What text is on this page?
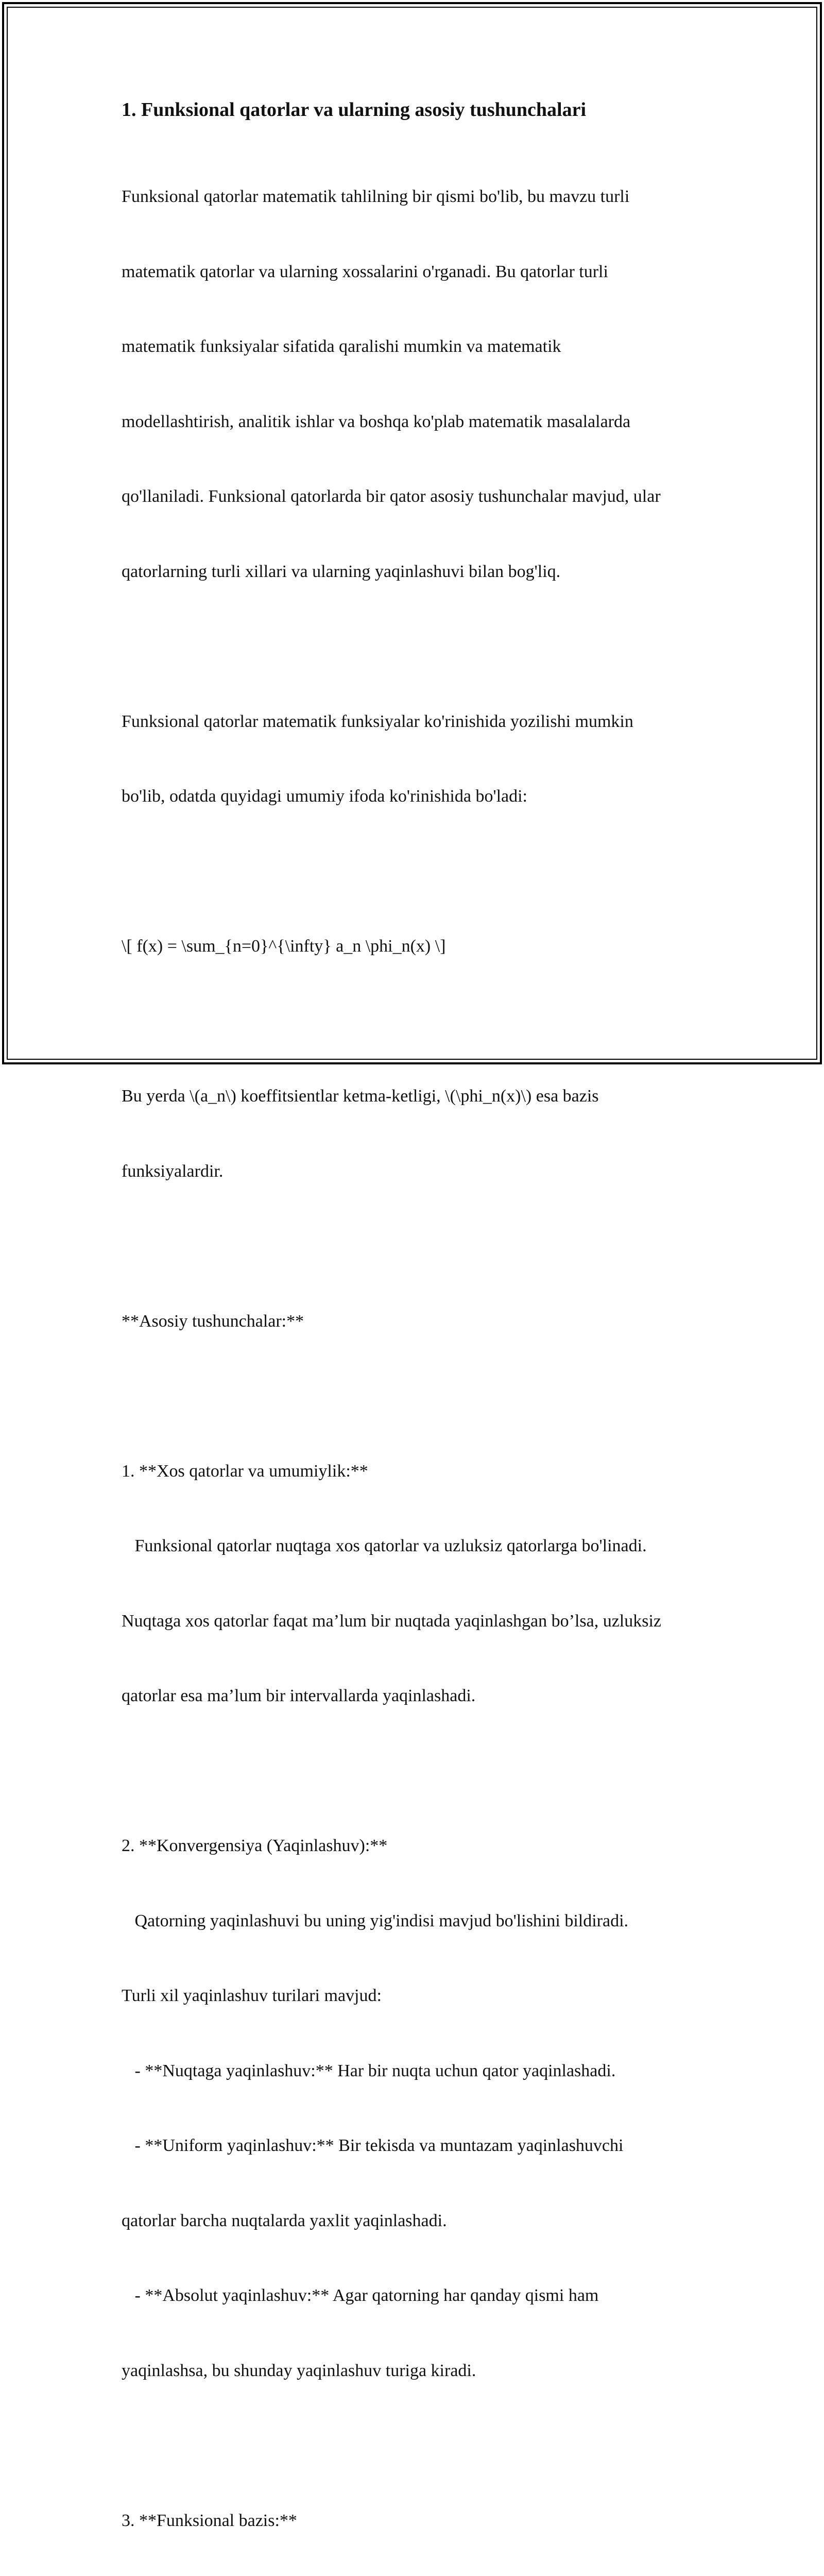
1. Funksional qatorlar va ularning asosiy tushunchalari

Funksional qatorlar matematik tahlilning bir qismi bo'lib, bu mavzu turli

matematik qatorlar va ularning xossalarini o'rganadi. Bu qatorlar turli

matematik funksiyalar sifatida qaralishi mumkin va matematik

modellashtirish, analitik ishlar va boshqa ko'plab matematik masalalarda

qo'llaniladi. Funksional qatorlarda bir qator asosiy tushunchalar mavjud, ular

qatorlarning turli xillari va ularning yaqinlashuvi bilan bog'liq.

Funksional qatorlar matematik funksiyalar ko'rinishida yozilishi mumkin

bo'lib, odatda quyidagi umumiy ifoda ko'rinishida bo'ladi:

\[ f(x) = \sum_{n=0}^{\infty} a_n \phi_n(x) \]

Bu yerda \(a_n\) koeffitsientlar ketma-ketligi, \(\phi_n(x)\) esa bazis

funksiyalardir.

**Asosiy tushunchalar:**

1. **Xos qatorlar va umumiylik:**

Funksional qatorlar nuqtaga xos qatorlar va uzluksiz qatorlarga bo'linadi.

Nuqtaga xos qatorlar faqat ma’lum bir nuqtada yaqinlashgan bo’lsa, uzluksiz

qatorlar esa ma’lum bir intervallarda yaqinlashadi.

2. **Konvergensiya (Yaqinlashuv):**

Qatorning yaqinlashuvi bu uning yig'indisi mavjud bo'lishini bildiradi.

Turli xil yaqinlashuv turilari mavjud:

- **Nuqtaga yaqinlashuv:** Har bir nuqta uchun qator yaqinlashadi.

- **Uniform yaqinlashuv:** Bir tekisda va muntazam yaqinlashuvchi

qatorlar barcha nuqtalarda yaxlit yaqinlashadi.

- **Absolut yaqinlashuv:** Agar qatorning har qanday qismi ham

yaqinlashsa, bu shunday yaqinlashuv turiga kiradi.

3. **Funksional bazis:**
